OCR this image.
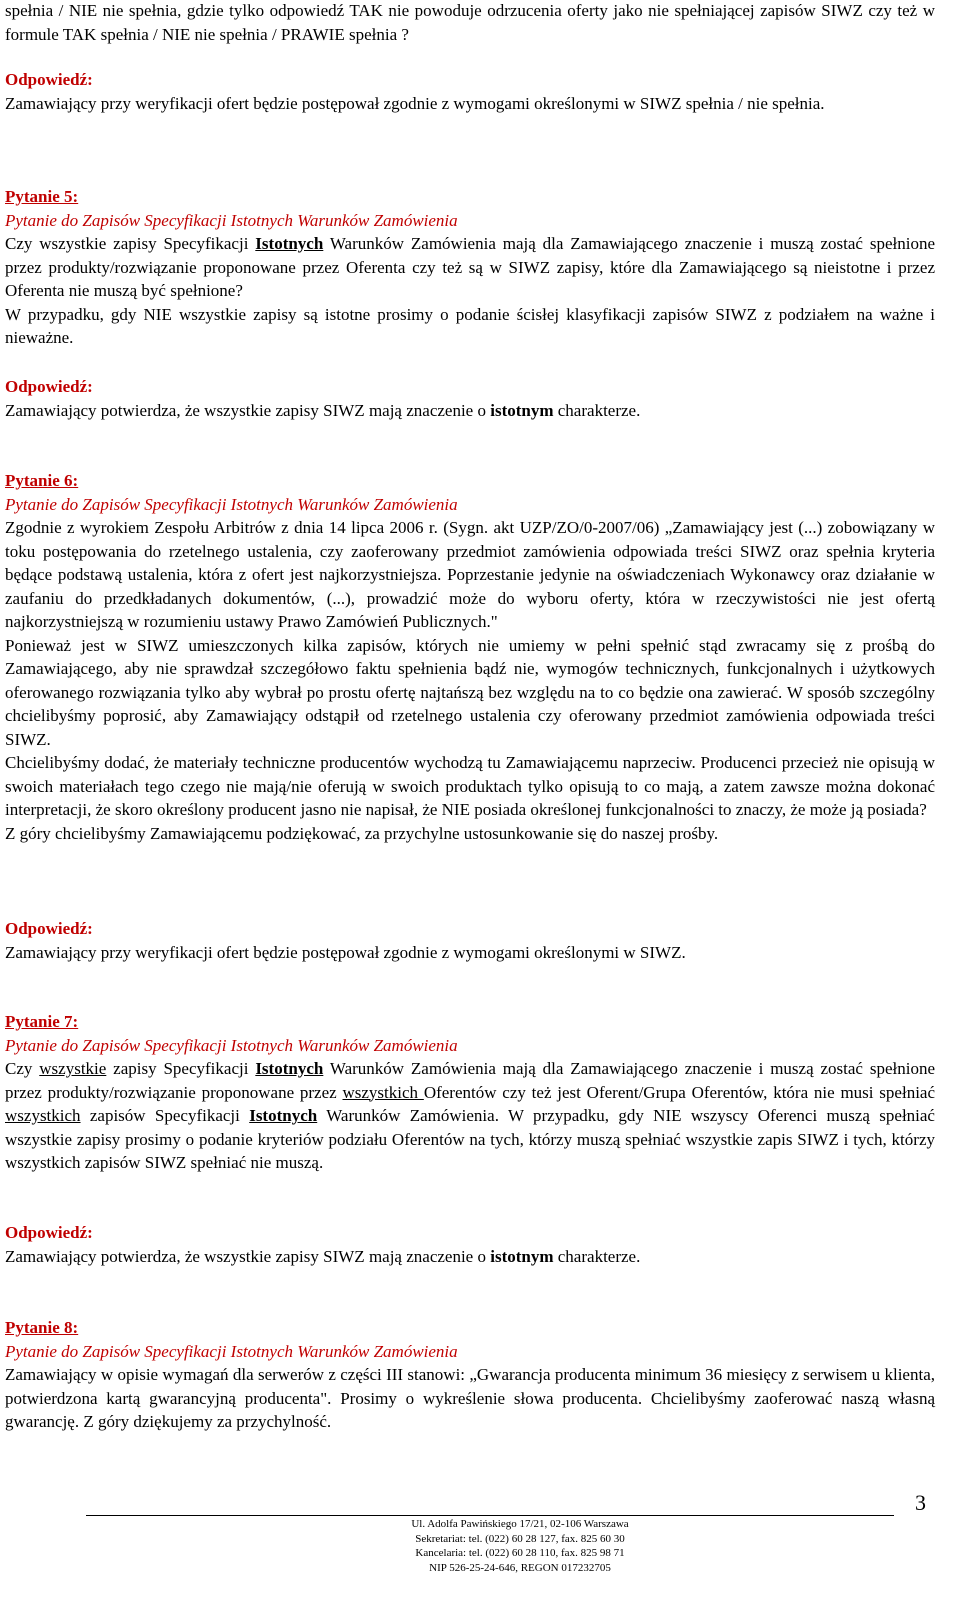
spełnia / NIE nie spełnia, gdzie tylko odpowiedź TAK nie powoduje odrzucenia oferty jako nie spełniającej zapisów SIWZ czy też w formule TAK spełnia / NIE nie spełnia / PRAWIE spełnia ?

Odpowiedź:

Zamawiający przy weryfikacji ofert będzie postępował zgodnie z wymogami określonymi w SIWZ spełnia / nie spełnia.

Pytanie 5:

Pytanie do Zapisów Specyfikacji Istotnych Warunków Zamówienia

Czy wszystkie zapisy Specyfikacji Istotnych Warunków Zamówienia mają dla Zamawiającego znaczenie i muszą zostać spełnione przez produkty/rozwiązanie proponowane przez Oferenta czy też są w SIWZ zapisy, które dla Zamawiającego są nieistotne i przez Oferenta nie muszą być spełnione?

W przypadku, gdy NIE wszystkie zapisy są istotne prosimy o podanie ścisłej klasyfikacji zapisów SIWZ z podziałem na ważne i nieważne.

Odpowiedź:

Zamawiający potwierdza, że wszystkie zapisy SIWZ mają znaczenie o istotnym charakterze.

Pytanie 6:

Pytanie do Zapisów Specyfikacji Istotnych Warunków Zamówienia

Zgodnie z wyrokiem Zespołu Arbitrów z dnia 14 lipca 2006 r. (Sygn. akt UZP/ZO/0-2007/06) „Zamawiający jest (...) zobowiązany w toku postępowania do rzetelnego ustalenia, czy zaoferowany przedmiot zamówienia odpowiada treści SIWZ oraz spełnia kryteria będące podstawą ustalenia, która z ofert jest najkorzystniejsza. Poprzestanie jedynie na oświadczeniach Wykonawcy oraz działanie w zaufaniu do przedkładanych dokumentów, (...), prowadzić może do wyboru oferty, która w rzeczywistości nie jest ofertą najkorzystniejszą w rozumieniu ustawy Prawo Zamówień Publicznych."

Ponieważ jest w SIWZ umieszczonych kilka zapisów, których nie umiemy w pełni spełnić stąd zwracamy się z prośbą do Zamawiającego, aby nie sprawdzał szczegółowo faktu spełnienia bądź nie, wymogów technicznych, funkcjonalnych i użytkowych oferowanego rozwiązania tylko aby wybrał po prostu ofertę najtańszą bez względu na to co będzie ona zawierać. W sposób szczególny chcielibyśmy poprosić, aby Zamawiający odstąpił od rzetelnego ustalenia czy oferowany przedmiot zamówienia odpowiada treści SIWZ.

Chcielibyśmy dodać, że materiały techniczne producentów wychodzą tu Zamawiającemu naprzeciw. Producenci przecież nie opisują w swoich materiałach tego czego nie mają/nie oferują w swoich produktach tylko opisują to co mają, a zatem zawsze można dokonać interpretacji, że skoro określony producent jasno nie napisał, że NIE posiada określonej funkcjonalności to znaczy, że może ją posiada?

Z góry chcielibyśmy Zamawiającemu podziękować, za przychylne ustosunkowanie się do naszej prośby.

Odpowiedź:

Zamawiający przy weryfikacji ofert będzie postępował zgodnie z wymogami określonymi w SIWZ.

Pytanie 7:

Pytanie do Zapisów Specyfikacji Istotnych Warunków Zamówienia

Czy wszystkie zapisy Specyfikacji Istotnych Warunków Zamówienia mają dla Zamawiającego znaczenie i muszą zostać spełnione przez produkty/rozwiązanie proponowane przez wszystkich Oferentów czy też jest Oferent/Grupa Oferentów, która nie musi spełniać wszystkich zapisów Specyfikacji Istotnych Warunków Zamówienia. W przypadku, gdy NIE wszyscy Oferenci muszą spełniać wszystkie zapisy prosimy o podanie kryteriów podziału Oferentów na tych, którzy muszą spełniać wszystkie zapis SIWZ i tych, którzy wszystkich zapisów SIWZ spełniać nie muszą.

Odpowiedź:

Zamawiający potwierdza, że wszystkie zapisy SIWZ mają znaczenie o istotnym charakterze.

Pytanie 8:

Pytanie do Zapisów Specyfikacji Istotnych Warunków Zamówienia

Zamawiający w opisie wymagań dla serwerów z części III stanowi: „Gwarancja producenta minimum 36 miesięcy z serwisem u klienta, potwierdzona kartą gwarancyjną producenta". Prosimy o wykreślenie słowa producenta. Chcielibyśmy zaoferować naszą własną gwarancję. Z góry dziękujemy za przychylność.

3
Ul. Adolfa Pawińskiego 17/21, 02-106 Warszawa
Sekretariat: tel. (022) 60 28 127, fax. 825 60 30
Kancelaria: tel. (022) 60 28 110, fax. 825 98 71
NIP 526-25-24-646, REGON 017232705
